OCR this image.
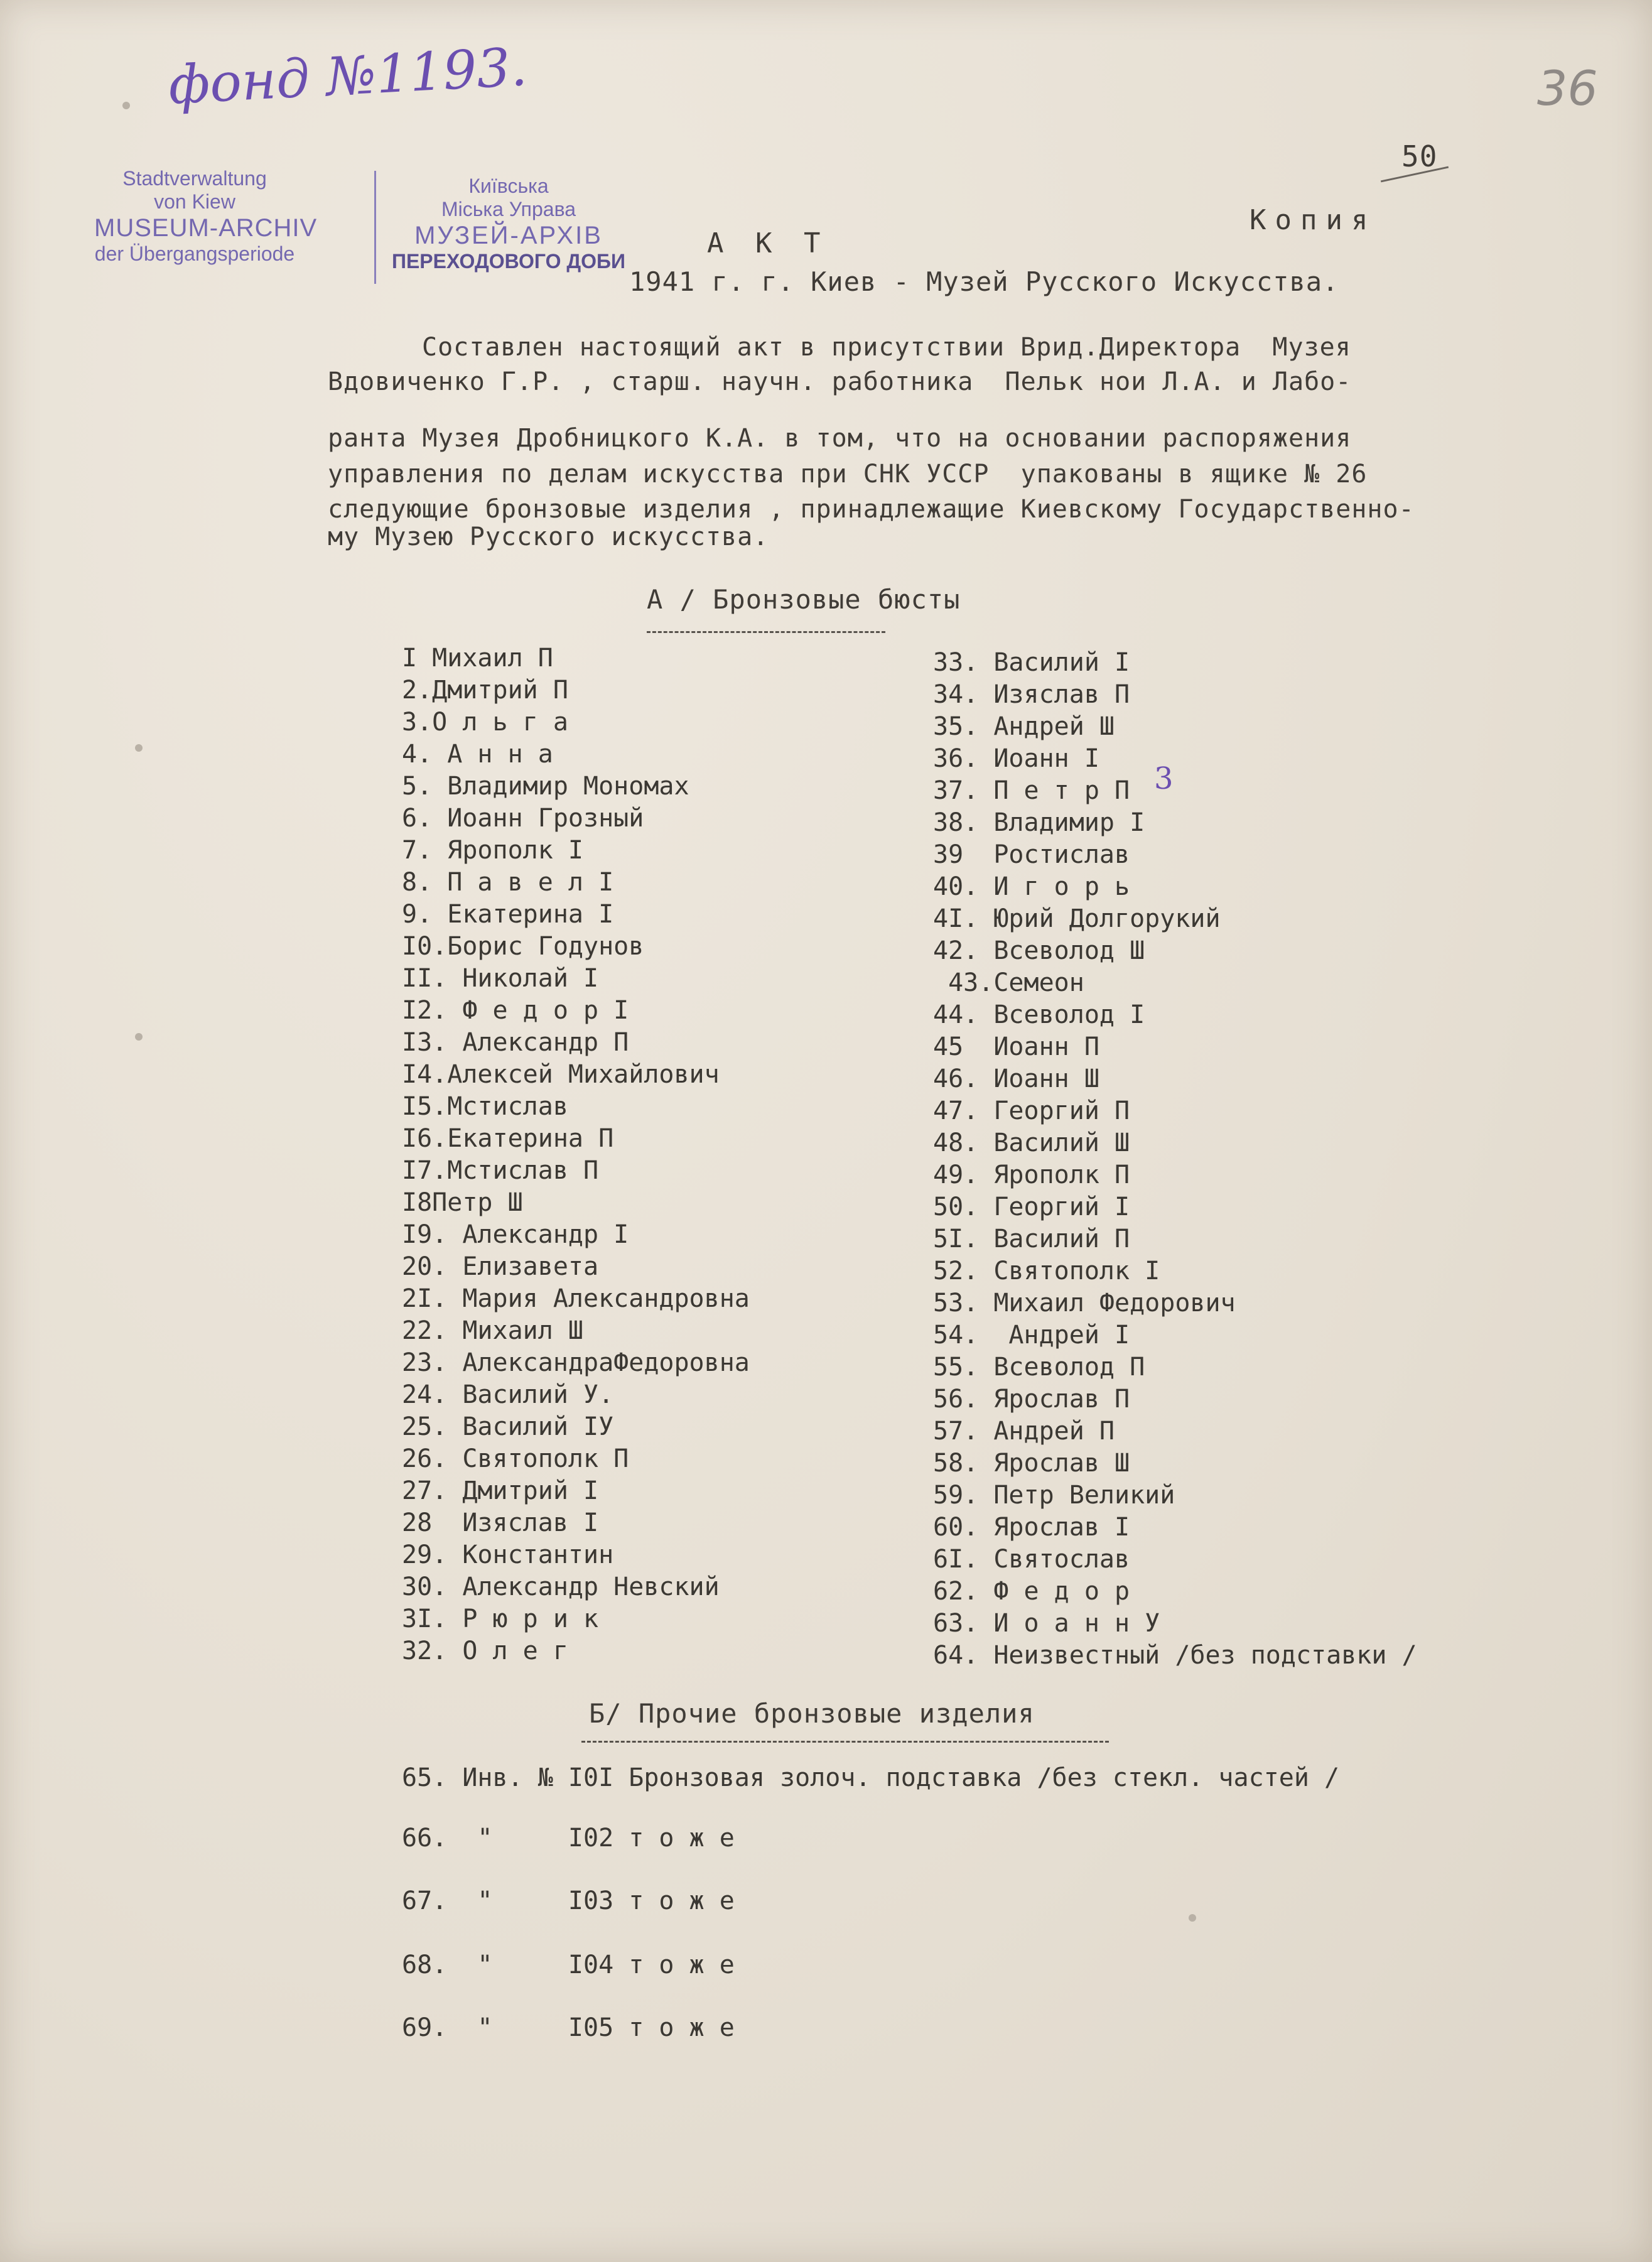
фонд №1193.	36
50
Stadtverwaltung
von Kiew
MUSEUM-ARCHIV
der Übergangsperiode
Київська
Міська Управа
МУЗЕЙ-АРХІВ
ПЕРЕХОДОВОГО ДОБИ
Копия
А К Т
1941 г. г. Киев - Музей Русского Искусства.
Составлен настоящий акт в присутствии Врид.Директора  Музея
Вдовиченко Г.Р. , старш. научн. работника  Пельк нои Л.А. и Лабо-
ранта Музея Дробницкого К.А. в том, что на основании распоряжения
управления по делам искусства при СНК УССР  упакованы в ящике № 26
следующие бронзовые изделия , принадлежащие Киевскому Государственно-
му Музею Русского искусства.
А / Бронзовые бюсты
І Михаил П
2.Дмитрий П
3.О л ь г а
4. А н н а
5. Владимир Мономах
6. Иоанн Грозный
7. Ярополк І
8. П а в е л І
9. Екатерина І
І0.Борис Годунов
ІІ. Николай І
І2. Ф е д о р І
ІЗ. Александр П
І4.Алексей Михайлович
І5.Мстислав
І6.Екатерина П
І7.Мстислав П
І8Петр Ш
І9. Александр І
20. Елизавета
2І. Мария Александровна
22. Михаил Ш
23. АлександраФедоровна
24. Василий У.
25. Василий ІУ
26. Святополк П
27. Дмитрий І
28  Изяслав І
29. Константин
30. Александр Невский
3І. Р ю р и к
32. О л е г
33. Василий І
34. Изяслав П
35. Андрей Ш
36. Иоанн І
37. П е т р П
38. Владимир І
39  Ростислав
40. И г о р ь
4І. Юрий Долгорукий
42. Всеволод Ш
43.Семеон
44. Всеволод І
45  Иоанн П
46. Иоанн Ш
47. Георгий П
48. Василий Ш
49. Ярополк П
50. Георгий І
5І. Василий П
52. Святополк І
53. Михаил Федорович
54.  Андрей І
55. Всеволод П
56. Ярослав П
57. Андрей П
58. Ярослав Ш
59. Петр Великий
60. Ярослав І
6І. Святослав
62. Ф е д о р
63. И о а н н У
64. Неизвестный /без подставки /
3
Б/ Прочие бронзовые изделия
65. Инв. № І0І Бронзовая золоч. подставка /без стекл. частей /
66.  "     І02 т о ж е
67.  "     І03 т о ж е
68.  "     І04 т о ж е
69.  "     І05 т о ж е
